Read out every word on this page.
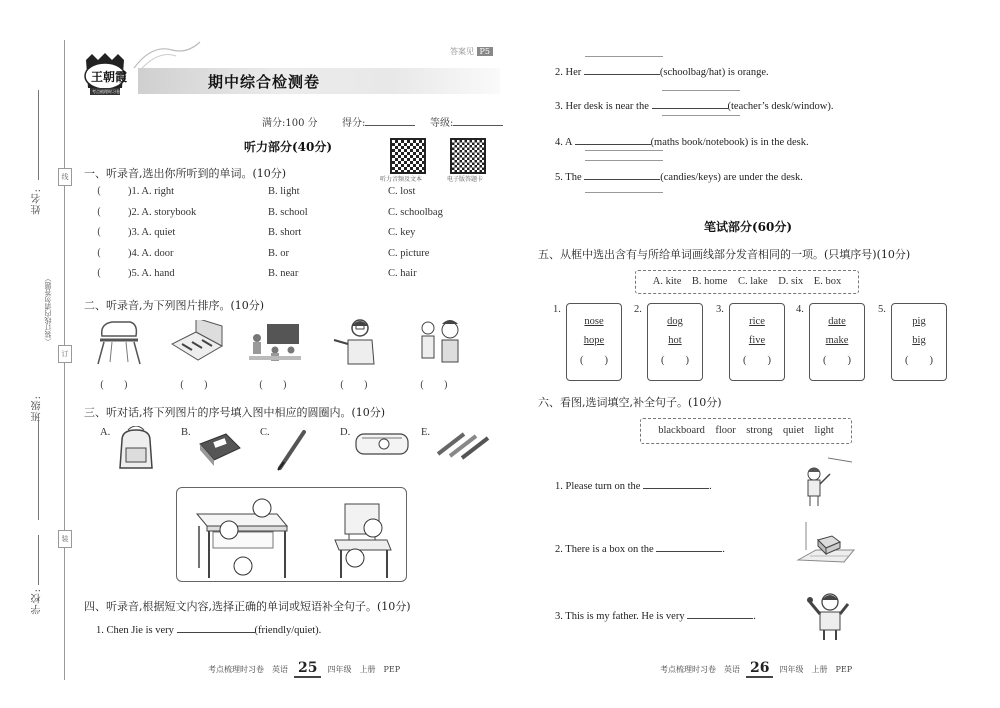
线
订
装
姓名:
（装订线内请勿答题）
班级:
学校:
王朝霞
考点梳理时习卷
答案见 P5
期中综合检测卷
满分:100 分 得分:	等级:
听力部分(40分)
听力音频及文本	电子版答题卡
一、听录音,选出你所听到的单词。(10分)
(	)1. A. right	B. light	C. lost
(	)2. A. storybook	B. school	C. schoolbag
(	)3. A. quiet	B. short	C. key
(	)4. A. door	B. or	C. picture
(	)5. A. hand	B. near	C. hair
二、听录音,为下列图片排序。(10分)
(　　)	(　　)	(　　)	(　　)	(　　)
三、听对话,将下列图片的序号填入图中相应的圆圈内。(10分)
A.	B.	C.	D.	E.
四、听录音,根据短文内容,选择正确的单词或短语补全句子。(10分)
1. Chen Jie is very	(friendly/quiet).
2. Her	(schoolbag/hat) is orange.
3. Her desk is near the	(teacher’s desk/window).
4. A	(maths book/notebook) is in the desk.
5. The	(candies/keys) are under the desk.
笔试部分(60分)
五、从框中选出含有与所给单词画线部分发音相同的一项。(只填序号)(10分)
A. kite　B. home　C. lake　D. six　E. box
1.
nose
hope
(　　)
2.
dog
hot
(　　)
3.
rice
five
(　　)
4.
date
make
(　　)
5.
pig
big
(　　)
六、看图,选词填空,补全句子。(10分)
blackboard　floor　strong　quiet　light
1. Please turn on the	.
2. There is a box on the	.
3. This is my father. He is very	.
考点梳理时习卷　英语 25 四年级　上册　PEP	考点梳理时习卷　英语 26 四年级　上册　PEP
